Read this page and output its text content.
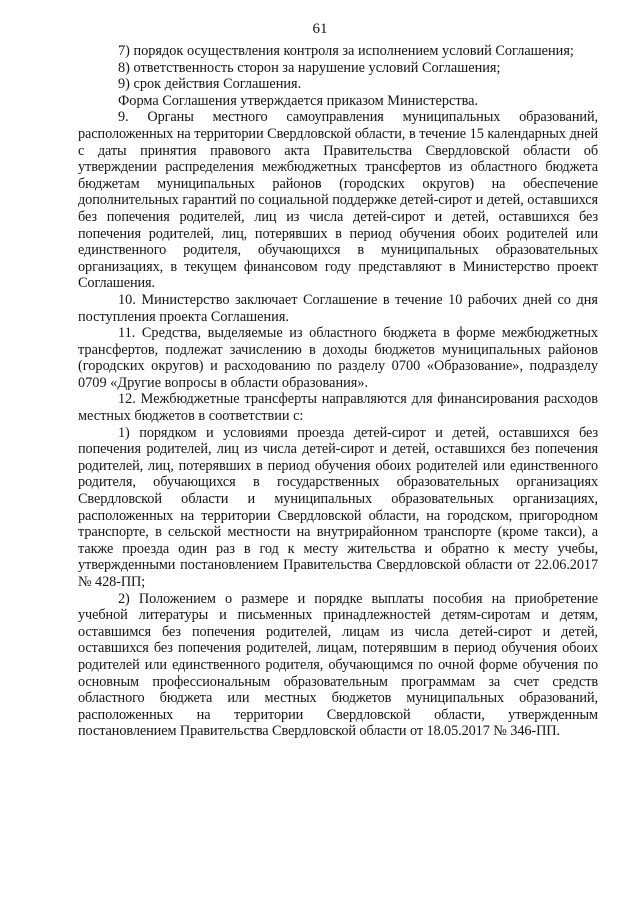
61

7) порядок осуществления контроля за исполнением условий Соглашения;

8) ответственность сторон за нарушение условий Соглашения;

9) срок действия Соглашения.

Форма Соглашения утверждается приказом Министерства.

9. Органы местного самоуправления муниципальных образований, расположенных на территории Свердловской области, в течение 15 календарных дней с даты принятия правового акта Правительства Свердловской области об утверждении распределения межбюджетных трансфертов из областного бюджета бюджетам муниципальных районов (городских округов) на обеспечение дополнительных гарантий по социальной поддержке детей-сирот и детей, оставшихся без попечения родителей, лиц из числа детей-сирот и детей, оставшихся без попечения родителей, лиц, потерявших в период обучения обоих родителей или единственного родителя, обучающихся в муниципальных образовательных организациях, в текущем финансовом году представляют в Министерство проект Соглашения.

10. Министерство заключает Соглашение в течение 10 рабочих дней со дня поступления проекта Соглашения.

11. Средства, выделяемые из областного бюджета в форме межбюджетных трансфертов, подлежат зачислению в доходы бюджетов муниципальных районов (городских округов) и расходованию по разделу 0700 «Образование», подразделу 0709 «Другие вопросы в области образования».

12. Межбюджетные трансферты направляются для финансирования расходов местных бюджетов в соответствии с:

1) порядком и условиями проезда детей-сирот и детей, оставшихся без попечения родителей, лиц из числа детей-сирот и детей, оставшихся без попечения родителей, лиц, потерявших в период обучения обоих родителей или единственного родителя, обучающихся в государственных образовательных организациях Свердловской области и муниципальных образовательных организациях, расположенных на территории Свердловской области, на городском, пригородном транспорте, в сельской местности на внутрирайонном транспорте (кроме такси), а также проезда один раз в год к месту жительства и обратно к месту учебы, утвержденными постановлением Правительства Свердловской области от 22.06.2017 № 428-ПП;

2) Положением о размере и порядке выплаты пособия на приобретение учебной литературы и письменных принадлежностей детям-сиротам и детям, оставшимся без попечения родителей, лицам из числа детей-сирот и детей, оставшихся без попечения родителей, лицам, потерявшим в период обучения обоих родителей или единственного родителя, обучающимся по очной форме обучения по основным профессиональным образовательным программам за счет средств областного бюджета или местных бюджетов муниципальных образований, расположенных на территории Свердловской области, утвержденным постановлением Правительства Свердловской области от 18.05.2017 № 346-ПП.
